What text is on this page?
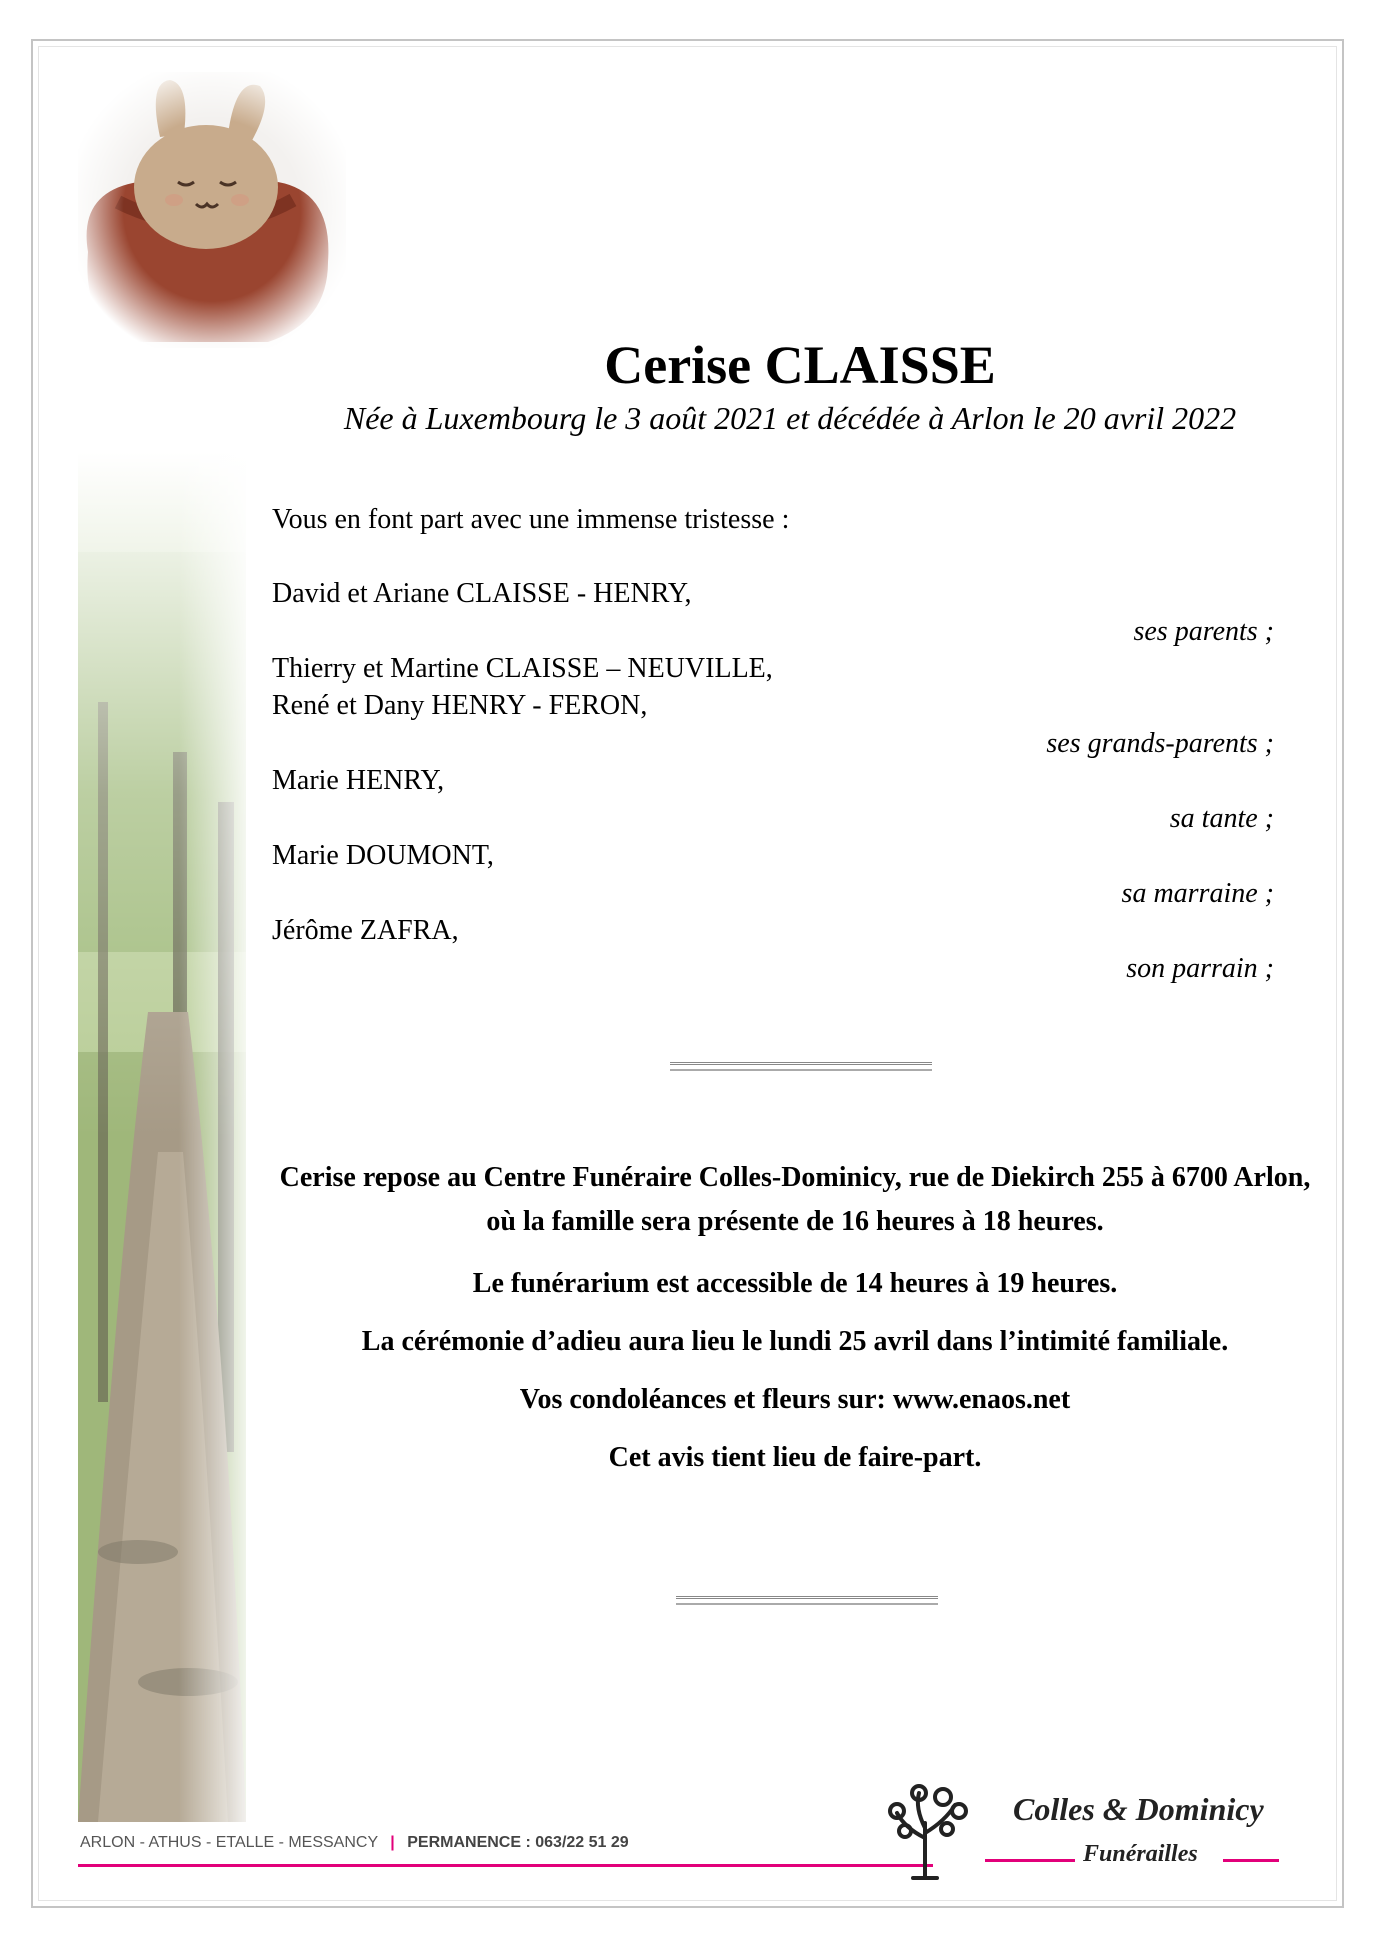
Cerise CLAISSE
Née à Luxembourg le 3 août 2021 et décédée à Arlon le 20 avril 2022
Vous en font part avec une immense tristesse :
David et Ariane CLAISSE - HENRY,
ses parents ;
Thierry et Martine CLAISSE – NEUVILLE,
René et Dany HENRY - FERON,
ses grands-parents ;
Marie HENRY,
sa tante ;
Marie DOUMONT,
sa marraine ;
Jérôme ZAFRA,
son parrain ;
Cerise repose au Centre Funéraire Colles-Dominicy, rue de Diekirch 255 à 6700 Arlon, où la famille sera présente de 16 heures à 18 heures.
Le funérarium est accessible de 14 heures à 19 heures.
La cérémonie d’adieu aura lieu le lundi 25 avril dans l’intimité familiale.
Vos condoléances et fleurs sur: www.enaos.net
Cet avis tient lieu de faire-part.
ARLON - ATHUS - ETALLE - MESSANCY | PERMANENCE : 063/22 51 29
Colles & Dominicy
Funérailles
